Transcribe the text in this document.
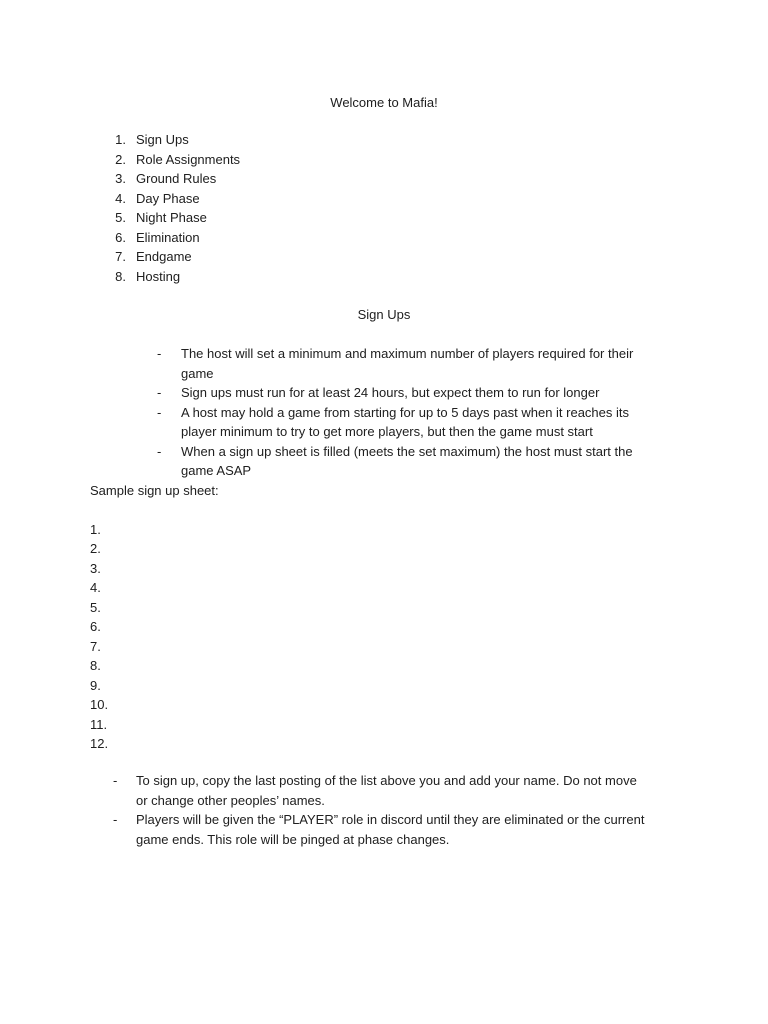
Welcome to Mafia!
1. Sign Ups
2. Role Assignments
3. Ground Rules
4. Day Phase
5. Night Phase
6. Elimination
7. Endgame
8. Hosting
Sign Ups
- The host will set a minimum and maximum number of players required for their
game
- Sign ups must run for at least 24 hours, but expect them to run for longer
- A host may hold a game from starting for up to 5 days past when it reaches its
player minimum to try to get more players, but then the game must start
- When a sign up sheet is filled (meets the set maximum) the host must start the
game ASAP
Sample sign up sheet:
1.
2.
3.
4.
5.
6.
7.
8.
9.
10.
11.
12.
- To sign up, copy the last posting of the list above you and add your name. Do not move
or change other peoples’ names.
- Players will be given the “PLAYER” role in discord until they are eliminated or the current
game ends. This role will be pinged at phase changes.
